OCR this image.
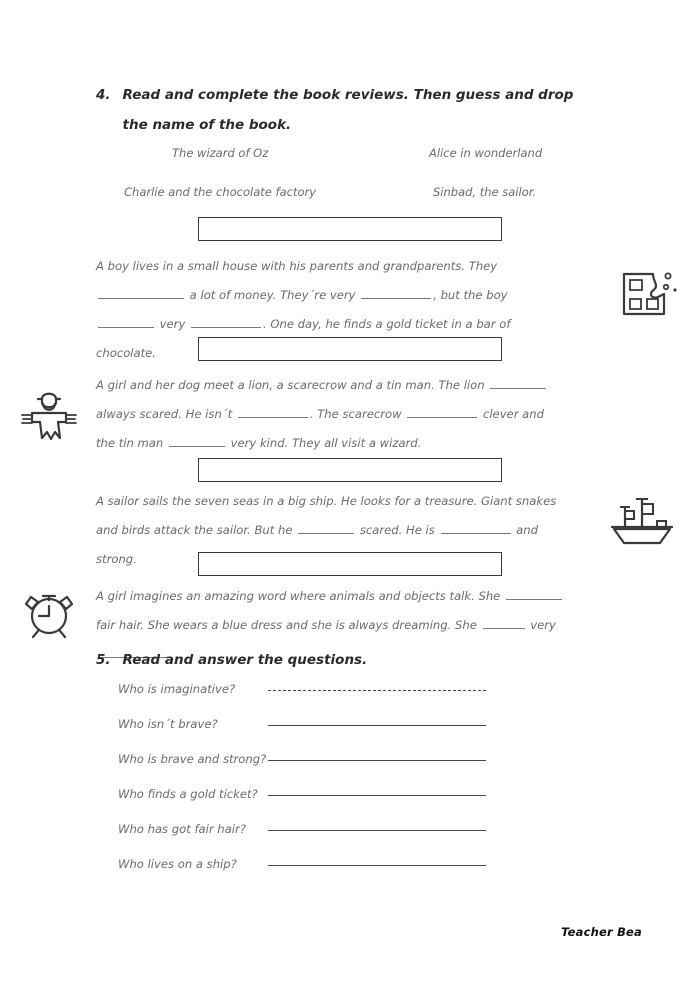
4. Read and complete the book reviews. Then guess and drop the name of the book.
The wizard of Oz	Alice in wonderland
Charlie and the chocolate factory	Sinbad, the sailor.
A boy lives in a small house with his parents and grandparents. They  a lot of money. They´re very	, but the boy  very	. One day, he finds a gold ticket in a bar of chocolate.
A girl and her dog meet a lion, a scarecrow and a tin man. The lion  always scared. He isn´t	. The scarecrow	clever and the tin man	very kind. They all visit a wizard.
A sailor sails the seven seas in a big ship. He looks for a treasure. Giant snakes and birds attack the sailor. But he	scared. He is	and strong.
A girl imagines an amazing word where animals and objects talk. She  fair hair. She wears a blue dress and she is always dreaming. She	very
5. Read and answer the questions.
Who is imaginative?
Who isn´t brave?
Who is brave and strong?
Who finds a gold ticket?
Who has got fair hair?
Who lives on a ship?
Teacher Bea
